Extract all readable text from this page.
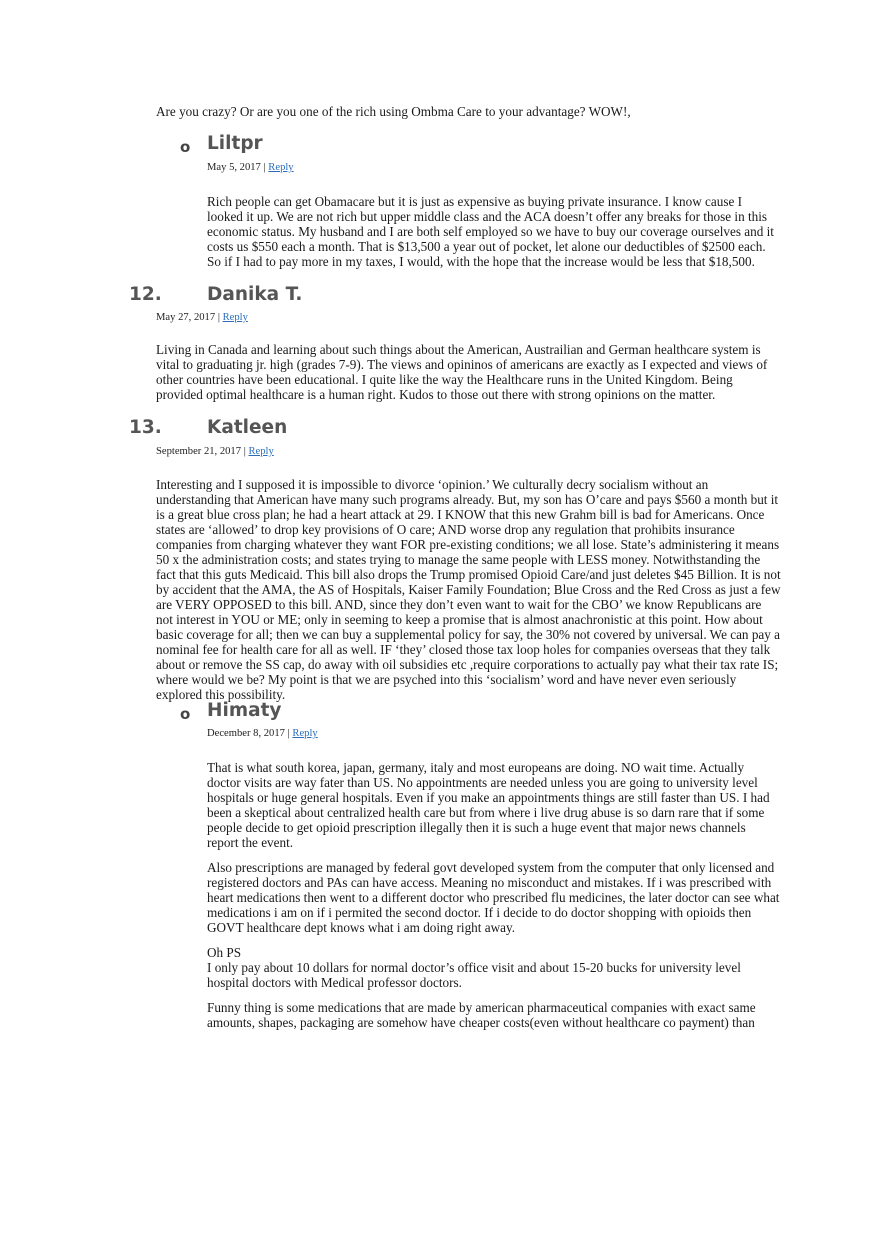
Are you crazy? Or are you one of the rich using Ombma Care to your advantage? WOW!,

o Liltpr
May 5, 2017 | Reply

Rich people can get Obamacare but it is just as expensive as buying private insurance. I know cause I looked it up. We are not rich but upper middle class and the ACA doesn’t offer any breaks for those in this economic status. My husband and I are both self employed so we have to buy our coverage ourselves and it costs us $550 each a month. That is $13,500 a year out of pocket, let alone our deductibles of $2500 each. So if I had to pay more in my taxes, I would, with the hope that the increase would be less that $18,500.

12. Danika T.
May 27, 2017 | Reply

Living in Canada and learning about such things about the American, Austrailian and German healthcare system is vital to graduating jr. high (grades 7-9). The views and opininos of americans are exactly as I expected and views of other countries have been educational. I quite like the way the Healthcare runs in the United Kingdom. Being provided optimal healthcare is a human right. Kudos to those out there with strong opinions on the matter.

13. Katleen
September 21, 2017 | Reply

Interesting and I supposed it is impossible to divorce ‘opinion.’ We culturally decry socialism without an understanding that American have many such programs already. But, my son has O’care and pays $560 a month but it is a great blue cross plan; he had a heart attack at 29. I KNOW that this new Grahm bill is bad for Americans. Once states are ‘allowed’ to drop key provisions of O care; AND worse drop any regulation that prohibits insurance companies from charging whatever they want FOR pre-existing conditions; we all lose. State’s administering it means 50 x the administration costs; and states trying to manage the same people with LESS money. Notwithstanding the fact that this guts Medicaid. This bill also drops the Trump promised Opioid Care/and just deletes $45 Billion. It is not by accident that the AMA, the AS of Hospitals, Kaiser Family Foundation; Blue Cross and the Red Cross as just a few are VERY OPPOSED to this bill. AND, since they don’t even want to wait for the CBO’ we know Republicans are not interest in YOU or ME; only in seeming to keep a promise that is almost anachronistic at this point. How about basic coverage for all; then we can buy a supplemental policy for say, the 30% not covered by universal. We can pay a nominal fee for health care for all as well. IF ‘they’ closed those tax loop holes for companies overseas that they talk about or remove the SS cap, do away with oil subsidies etc ,require corporations to actually pay what their tax rate IS; where would we be? My point is that we are psyched into this ‘socialism’ word and have never even seriously explored this possibility.

o Himaty
December 8, 2017 | Reply

That is what south korea, japan, germany, italy and most europeans are doing. NO wait time. Actually doctor visits are way fater than US. No appointments are needed unless you are going to university level hospitals or huge general hospitals. Even if you make an appointments things are still faster than US. I had been a skeptical about centralized health care but from where i live drug abuse is so darn rare that if some people decide to get opioid prescription illegally then it is such a huge event that major news channels report the event.

Also prescriptions are managed by federal govt developed system from the computer that only licensed and registered doctors and PAs can have access. Meaning no misconduct and mistakes. If i was prescribed with heart medications then went to a different doctor who prescribed flu medicines, the later doctor can see what medications i am on if i permited the second doctor. If i decide to do doctor shopping with opioids then GOVT healthcare dept knows what i am doing right away.

Oh PS

I only pay about 10 dollars for normal doctor’s office visit and about 15-20 bucks for university level hospital doctors with Medical professor doctors.

Funny thing is some medications that are made by american pharmaceutical companies with exact same amounts, shapes, packaging are somehow have cheaper costs(even without healthcare co payment) than
